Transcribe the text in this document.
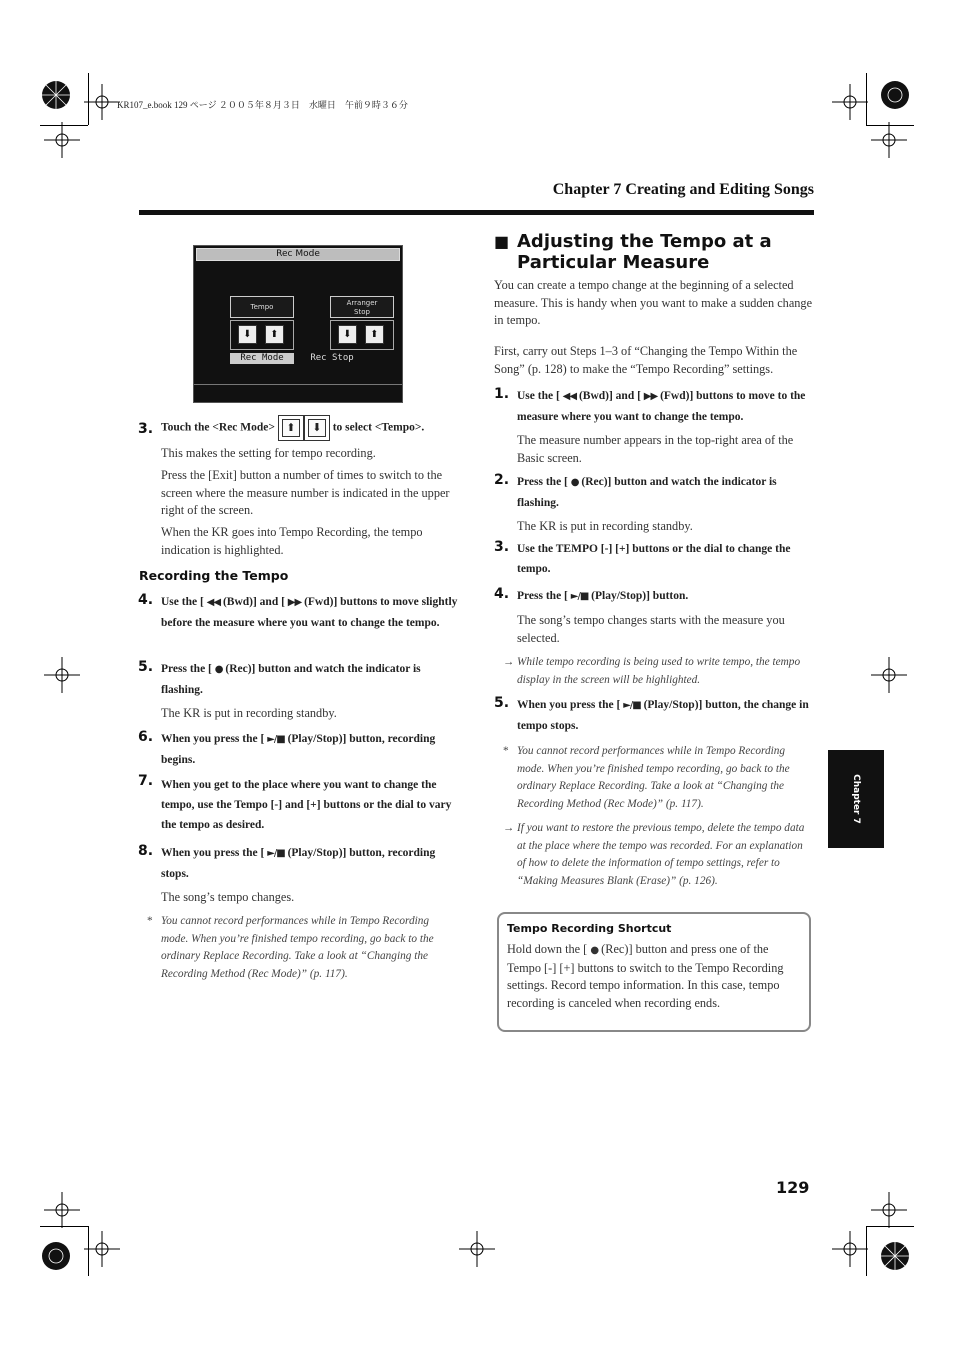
KR107_e.book 129 ページ ２００５年８月３日　水曜日　午前９時３６分
Chapter 7 Creating and Editing Songs
Rec Mode
Tempo	Arranger
Stop
⬇	⬆	⬇	⬆
Rec Mode	Rec Stop
3. Touch the <Rec Mode>	⬆	⬇ to select <Tempo>.
This makes the setting for tempo recording.
Press the [Exit] button a number of times to switch to the screen where the measure number is indicated in the upper right of the screen.
When the KR goes into Tempo Recording, the tempo indication is highlighted.
Recording the Tempo
4. Use the [ ◀◀ (Bwd)] and [ ▶▶ (Fwd)] buttons to move slightly before the measure where you want to change the tempo.
5. Press the [ ● (Rec)] button and watch the indicator is flashing.
The KR is put in recording standby.
6. When you press the [ ►/■ (Play/Stop)] button, recording begins.
When you get to the place where you want to change the tempo, use the Tempo [-] and [+] buttons or the dial to vary the tempo as desired.
7.
8. When you press the [ ►/■ (Play/Stop)] button, recording stops.
The song’s tempo changes.
* You cannot record performances while in Tempo Recording mode. When you’re finished tempo recording, go back to the ordinary Replace Recording. Take a look at “Changing the Recording Method (Rec Mode)” (p. 117).
■ Adjusting the Tempo at a Particular Measure
You can create a tempo change at the beginning of a selected measure. This is handy when you want to make a sudden change in tempo.
First, carry out Steps 1–3 of “Changing the Tempo Within the Song” (p. 128) to make the “Tempo Recording” settings.
1. Use the [ ◀◀ (Bwd)] and [ ▶▶ (Fwd)] buttons to move to the measure where you want to change the tempo.
The measure number appears in the top-right area of the Basic screen.
2. Press the [ ● (Rec)] button and watch the indicator is flashing.
The KR is put in recording standby.
3. Use the TEMPO [-] [+] buttons or the dial to change the tempo.
4. Press the [ ►/■ (Play/Stop)] button.
The song’s tempo changes starts with the measure you selected.
→ While tempo recording is being used to write tempo, the tempo display in the screen will be highlighted.
5. When you press the [ ►/■ (Play/Stop)] button, the change in tempo stops.
* You cannot record performances while in Tempo Recording mode. When you’re finished tempo recording, go back to the ordinary Replace Recording. Take a look at “Changing the Recording Method (Rec Mode)” (p. 117).
→ If you want to restore the previous tempo, delete the tempo data at the place where the tempo was recorded. For an explanation of how to delete the information of tempo settings, refer to “Making Measures Blank (Erase)” (p. 126).
Tempo Recording Shortcut
Hold down the [ ● (Rec)] button and press one of the Tempo [-] [+] buttons to switch to the Tempo Recording settings. Record tempo information. In this case, tempo recording is canceled when recording ends.
Chapter 7
129
